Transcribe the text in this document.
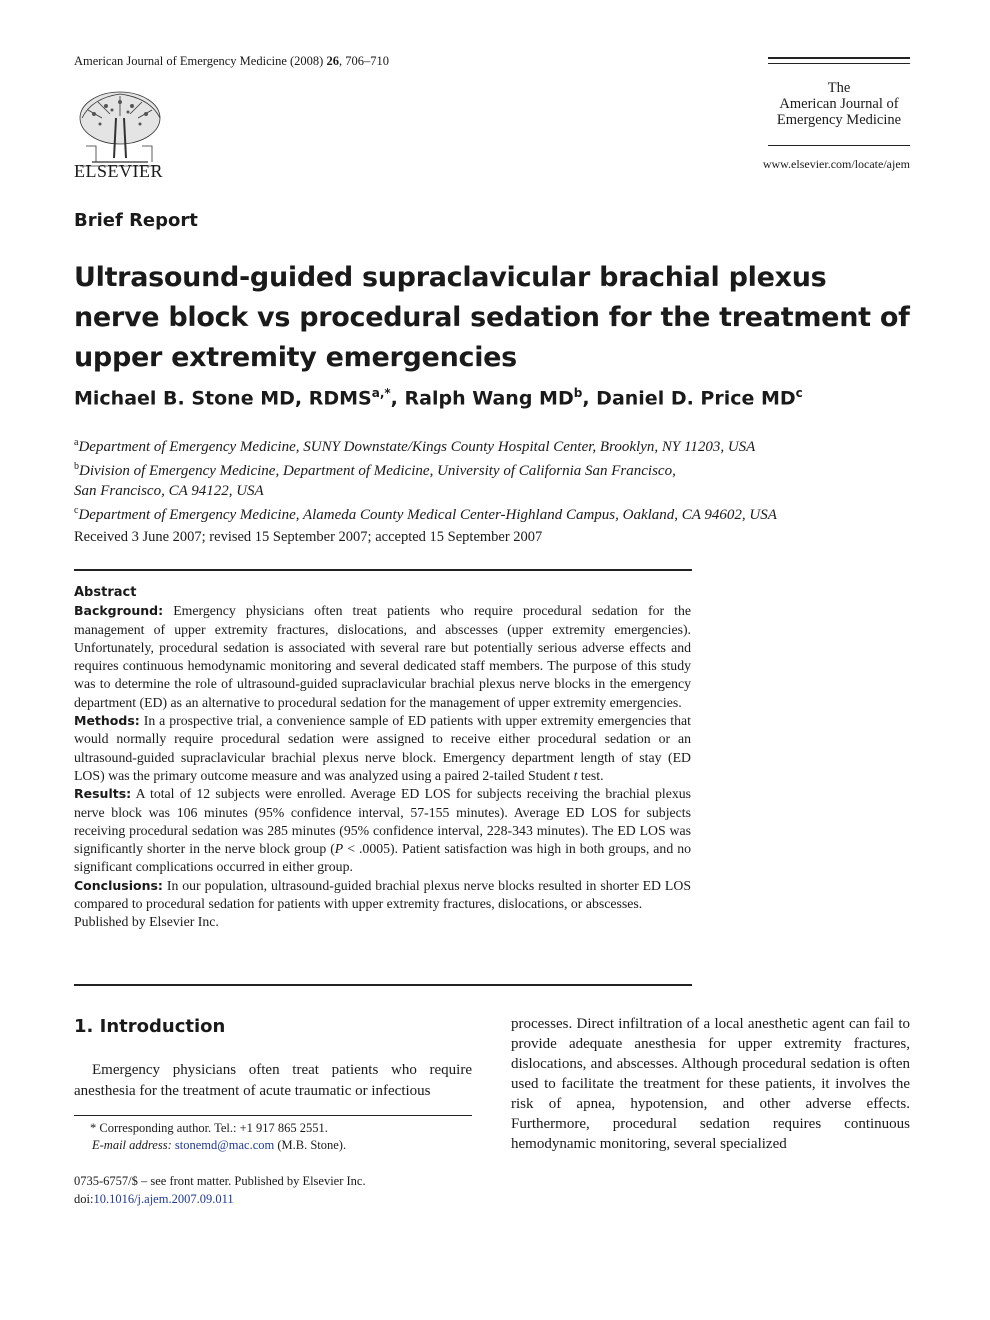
American Journal of Emergency Medicine (2008) 26, 706–710
ELSEVIER
The
American Journal of
Emergency Medicine
www.elsevier.com/locate/ajem
Brief Report
Ultrasound-guided supraclavicular brachial plexus nerve block vs procedural sedation for the treatment of upper extremity emergencies
Michael B. Stone MD, $RDMS^{a,*}$, Ralph Wang $MD^b$, Daniel D. Price $MD^c$
$^a$Department of Emergency Medicine, SUNY Downstate/Kings County Hospital Center, Brooklyn, NY 11203, USA
$^b$Division of Emergency Medicine, Department of Medicine, University of California San Francisco,
San Francisco, CA 94122, USA
$^c$Department of Emergency Medicine, Alameda County Medical Center-Highland Campus, Oakland, CA 94602, USA
Received 3 June 2007; revised 15 September 2007; accepted 15 September 2007
Abstract

Background: Emergency physicians often treat patients who require procedural sedation for the management of upper extremity fractures, dislocations, and abscesses (upper extremity emergencies). Unfortunately, procedural sedation is associated with several rare but potentially serious adverse effects and requires continuous hemodynamic monitoring and several dedicated staff members. The purpose of this study was to determine the role of ultrasound-guided supraclavicular brachial plexus nerve blocks in the emergency department (ED) as an alternative to procedural sedation for the management of upper extremity emergencies.

Methods: In a prospective trial, a convenience sample of ED patients with upper extremity emergencies that would normally require procedural sedation were assigned to receive either procedural sedation or an ultrasound-guided supraclavicular brachial plexus nerve block. Emergency department length of stay (ED LOS) was the primary outcome measure and was analyzed using a paired 2-tailed Student t test.

Results: A total of 12 subjects were enrolled. Average ED LOS for subjects receiving the brachial plexus nerve block was 106 minutes (95% confidence interval, 57-155 minutes). Average ED LOS for subjects receiving procedural sedation was 285 minutes (95% confidence interval, 228-343 minutes). The ED LOS was significantly shorter in the nerve block group (P < .0005). Patient satisfaction was high in both groups, and no significant complications occurred in either group.

Conclusions: In our population, ultrasound-guided brachial plexus nerve blocks resulted in shorter ED LOS compared to procedural sedation for patients with upper extremity fractures, dislocations, or abscesses.

Published by Elsevier Inc.

1. Introduction
Emergency physicians often treat patients who require anesthesia for the treatment of acute traumatic or infectious
* Corresponding author. Tel.: +1 917 865 2551.
E-mail address: stonemd@mac.com (M.B. Stone).
0735-6757/$ – see front matter. Published by Elsevier Inc.
doi:10.1016/j.ajem.2007.09.011
processes. Direct infiltration of a local anesthetic agent can fail to provide adequate anesthesia for upper extremity fractures, dislocations, and abscesses. Although procedural sedation is often used to facilitate the treatment for these patients, it involves the risk of apnea, hypotension, and other adverse effects. Furthermore, procedural sedation requires continuous hemodynamic monitoring, several specialized
